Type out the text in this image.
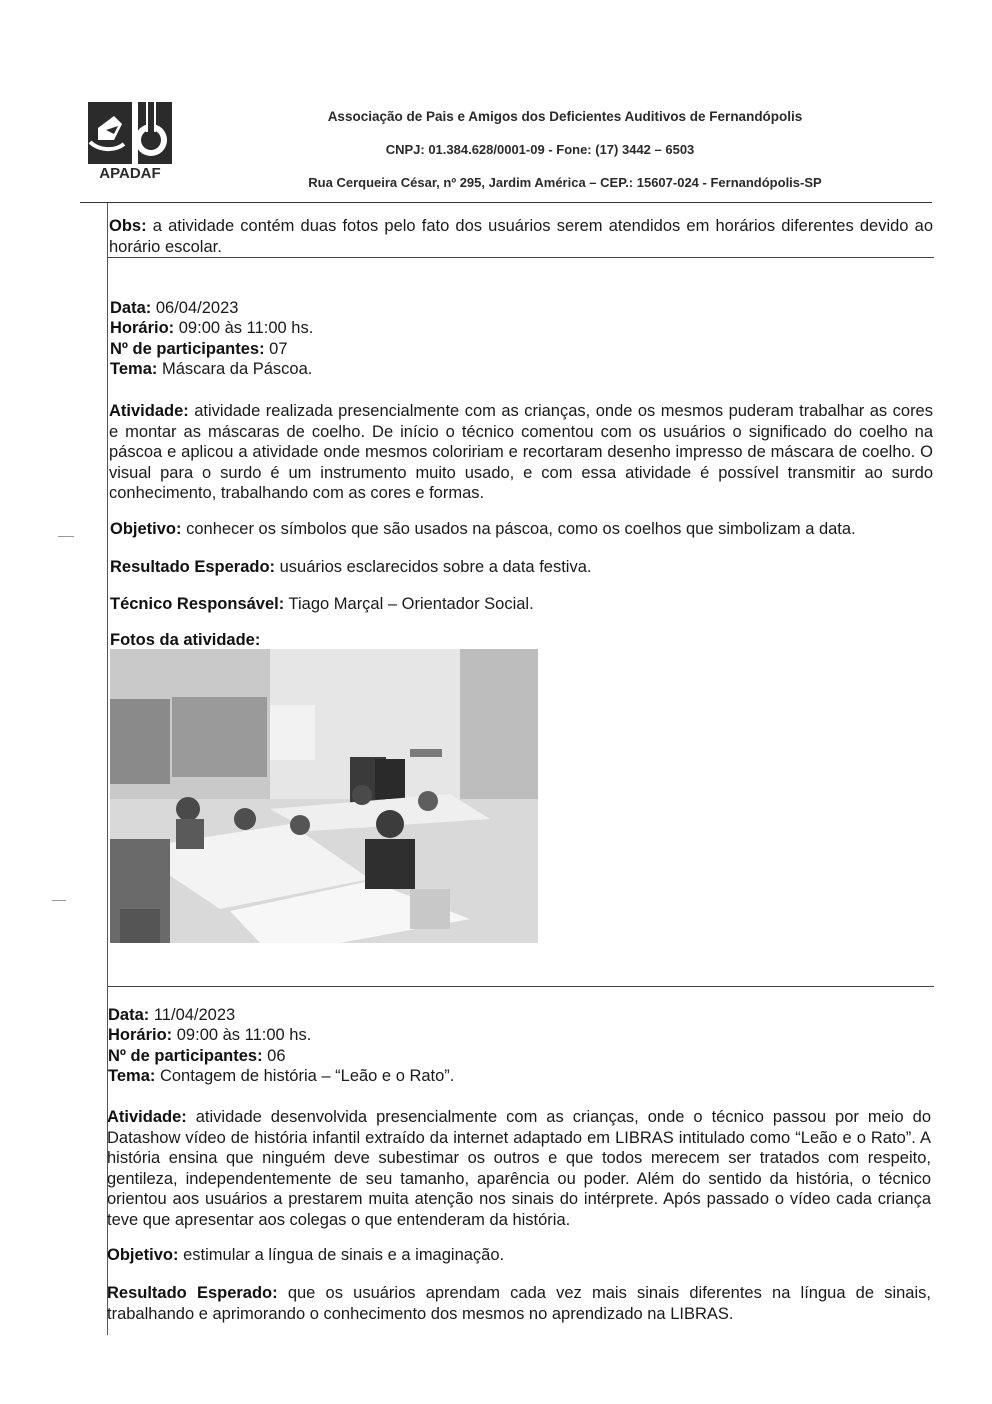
APADAF
Associação de Pais e Amigos dos Deficientes Auditivos de Fernandópolis
CNPJ: 01.384.628/0001-09 - Fone: (17) 3442 – 6503
Rua Cerqueira César, nº 295, Jardim América – CEP.: 15607-024 - Fernandópolis-SP
Obs: a atividade contém duas fotos pelo fato dos usuários serem atendidos em horários diferentes devido ao horário escolar.
Data: 06/04/2023
Horário: 09:00 às 11:00 hs.
Nº de participantes: 07
Tema: Máscara da Páscoa.
Atividade: atividade realizada presencialmente com as crianças, onde os mesmos puderam trabalhar as cores e montar as máscaras de coelho. De início o técnico comentou com os usuários o significado do coelho na páscoa e aplicou a atividade onde mesmos coloririam e recortaram desenho impresso de máscara de coelho. O visual para o surdo é um instrumento muito usado, e com essa atividade é possível transmitir ao surdo conhecimento, trabalhando com as cores e formas.
Objetivo: conhecer os símbolos que são usados na páscoa, como os coelhos que simbolizam a data.
Resultado Esperado: usuários esclarecidos sobre a data festiva.
Técnico Responsável: Tiago Marçal – Orientador Social.
Fotos da atividade:
Data: 11/04/2023
Horário: 09:00 às 11:00 hs.
Nº de participantes: 06
Tema: Contagem de história – “Leão e o Rato”.
Atividade: atividade desenvolvida presencialmente com as crianças, onde o técnico passou por meio do Datashow vídeo de história infantil extraído da internet adaptado em LIBRAS intitulado como “Leão e o Rato”. A história ensina que ninguém deve subestimar os outros e que todos merecem ser tratados com respeito, gentileza, independentemente de seu tamanho, aparência ou poder. Além do sentido da história, o técnico orientou aos usuários a prestarem muita atenção nos sinais do intérprete. Após passado o vídeo cada criança teve que apresentar aos colegas o que entenderam da história.
Objetivo: estimular a língua de sinais e a imaginação.
Resultado Esperado: que os usuários aprendam cada vez mais sinais diferentes na língua de sinais, trabalhando e aprimorando o conhecimento dos mesmos no aprendizado na LIBRAS.
